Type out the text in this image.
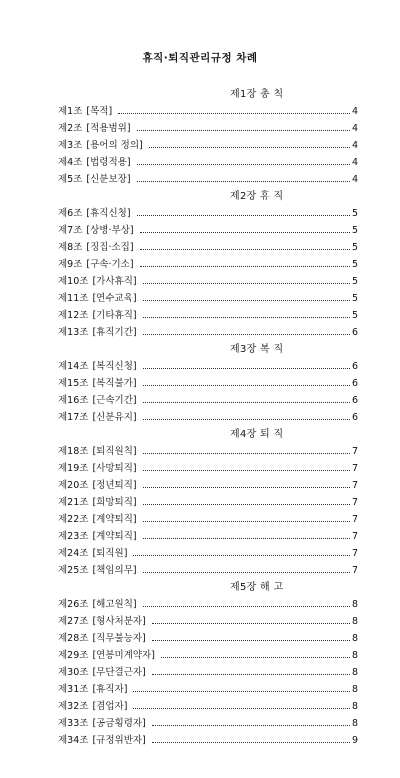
휴직·퇴직관리규정 차례
제1장 총 칙
제1조 [목적]	4
제2조 [적용범위]	4
제3조 [용어의 정의]	4
제4조 [법령적용]	4
제5조 [신분보장]	4
제2장 휴 직
제6조 [휴직신청]	5
제7조 [상병·부상]	5
제8조 [징집·소집]	5
제9조 [구속·기소]	5
제10조 [가사휴직]	5
제11조 [연수교육]	5
제12조 [기타휴직]	5
제13조 [휴직기간]	6
제3장 복 직
제14조 [복직신청]	6
제15조 [복직불가]	6
제16조 [근속기간]	6
제17조 [신분유지]	6
제4장 퇴 직
제18조 [퇴직원칙]	7
제19조 [사망퇴직]	7
제20조 [정년퇴직]	7
제21조 [희망퇴직]	7
제22조 [계약퇴직]	7
제23조 [계약퇴직]	7
제24조 [퇴직원]	7
제25조 [책임의무]	7
제5장 해 고
제26조 [해고원칙]	8
제27조 [형사처분자]	8
제28조 [직무불능자]	8
제29조 [연봉미계약자]	8
제30조 [무단결근자]	8
제31조 [휴직자]	8
제32조 [겸업자]	8
제33조 [공금횡령자]	8
제34조 [규정위반자]	9
